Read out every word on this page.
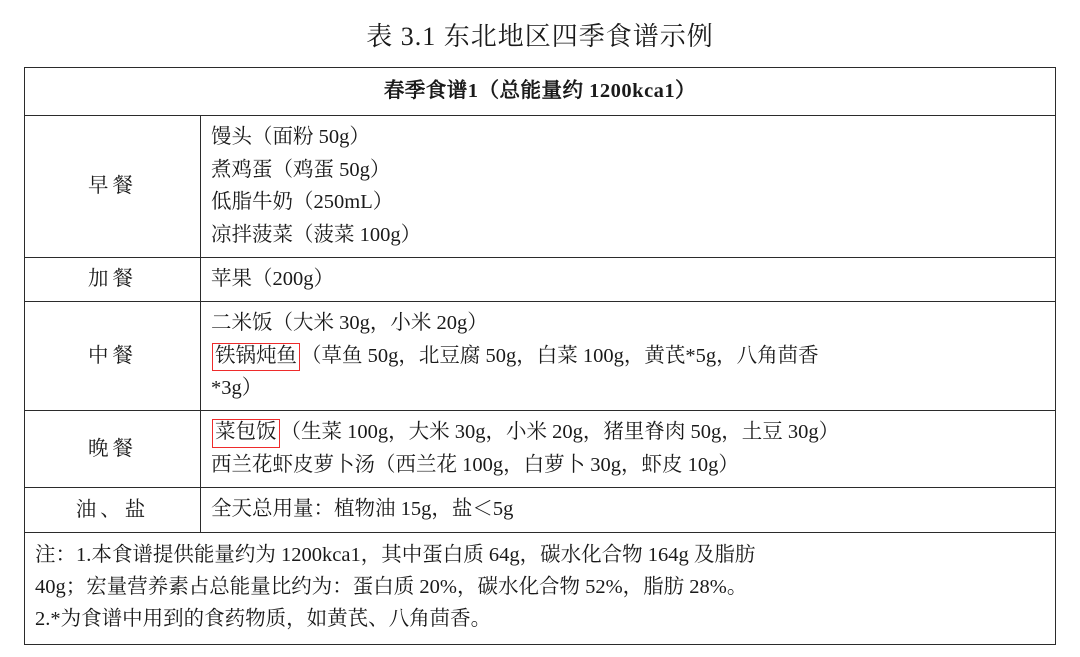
表 3.1 东北地区四季食谱示例
春季食谱1（总能量约 1200kca1）	
早餐	馒头（面粉 50g）
煮鸡蛋（鸡蛋 50g）
低脂牛奶（250mL）
凉拌菠菜（菠菜 100g）

加餐	苹果（200g）

中餐	二米饭（大米 30g，小米 20g）
铁锅炖鱼 （草鱼 50g，北豆腐 50g，白菜 100g，黄芪*5g，八角茴香
*3g）

晚餐	菜包饭 （生菜 100g，大米 30g，小米 20g，猪里脊肉 50g，土豆 30g）
西兰花虾皮萝卜汤（西兰花 100g，白萝卜 30g，虾皮 10g）

油、盐	全天总用量：植物油 15g，盐＜5g

注：1.本食谱提供能量约为 1200kca1，其中蛋白质 64g，碳水化合物 164g 及脂肪
40g；宏量营养素占总能量比约为：蛋白质 20%，碳水化合物 52%，脂肪 28%。
2.*为食谱中用到的食药物质，如黄芪、八角茴香。	
